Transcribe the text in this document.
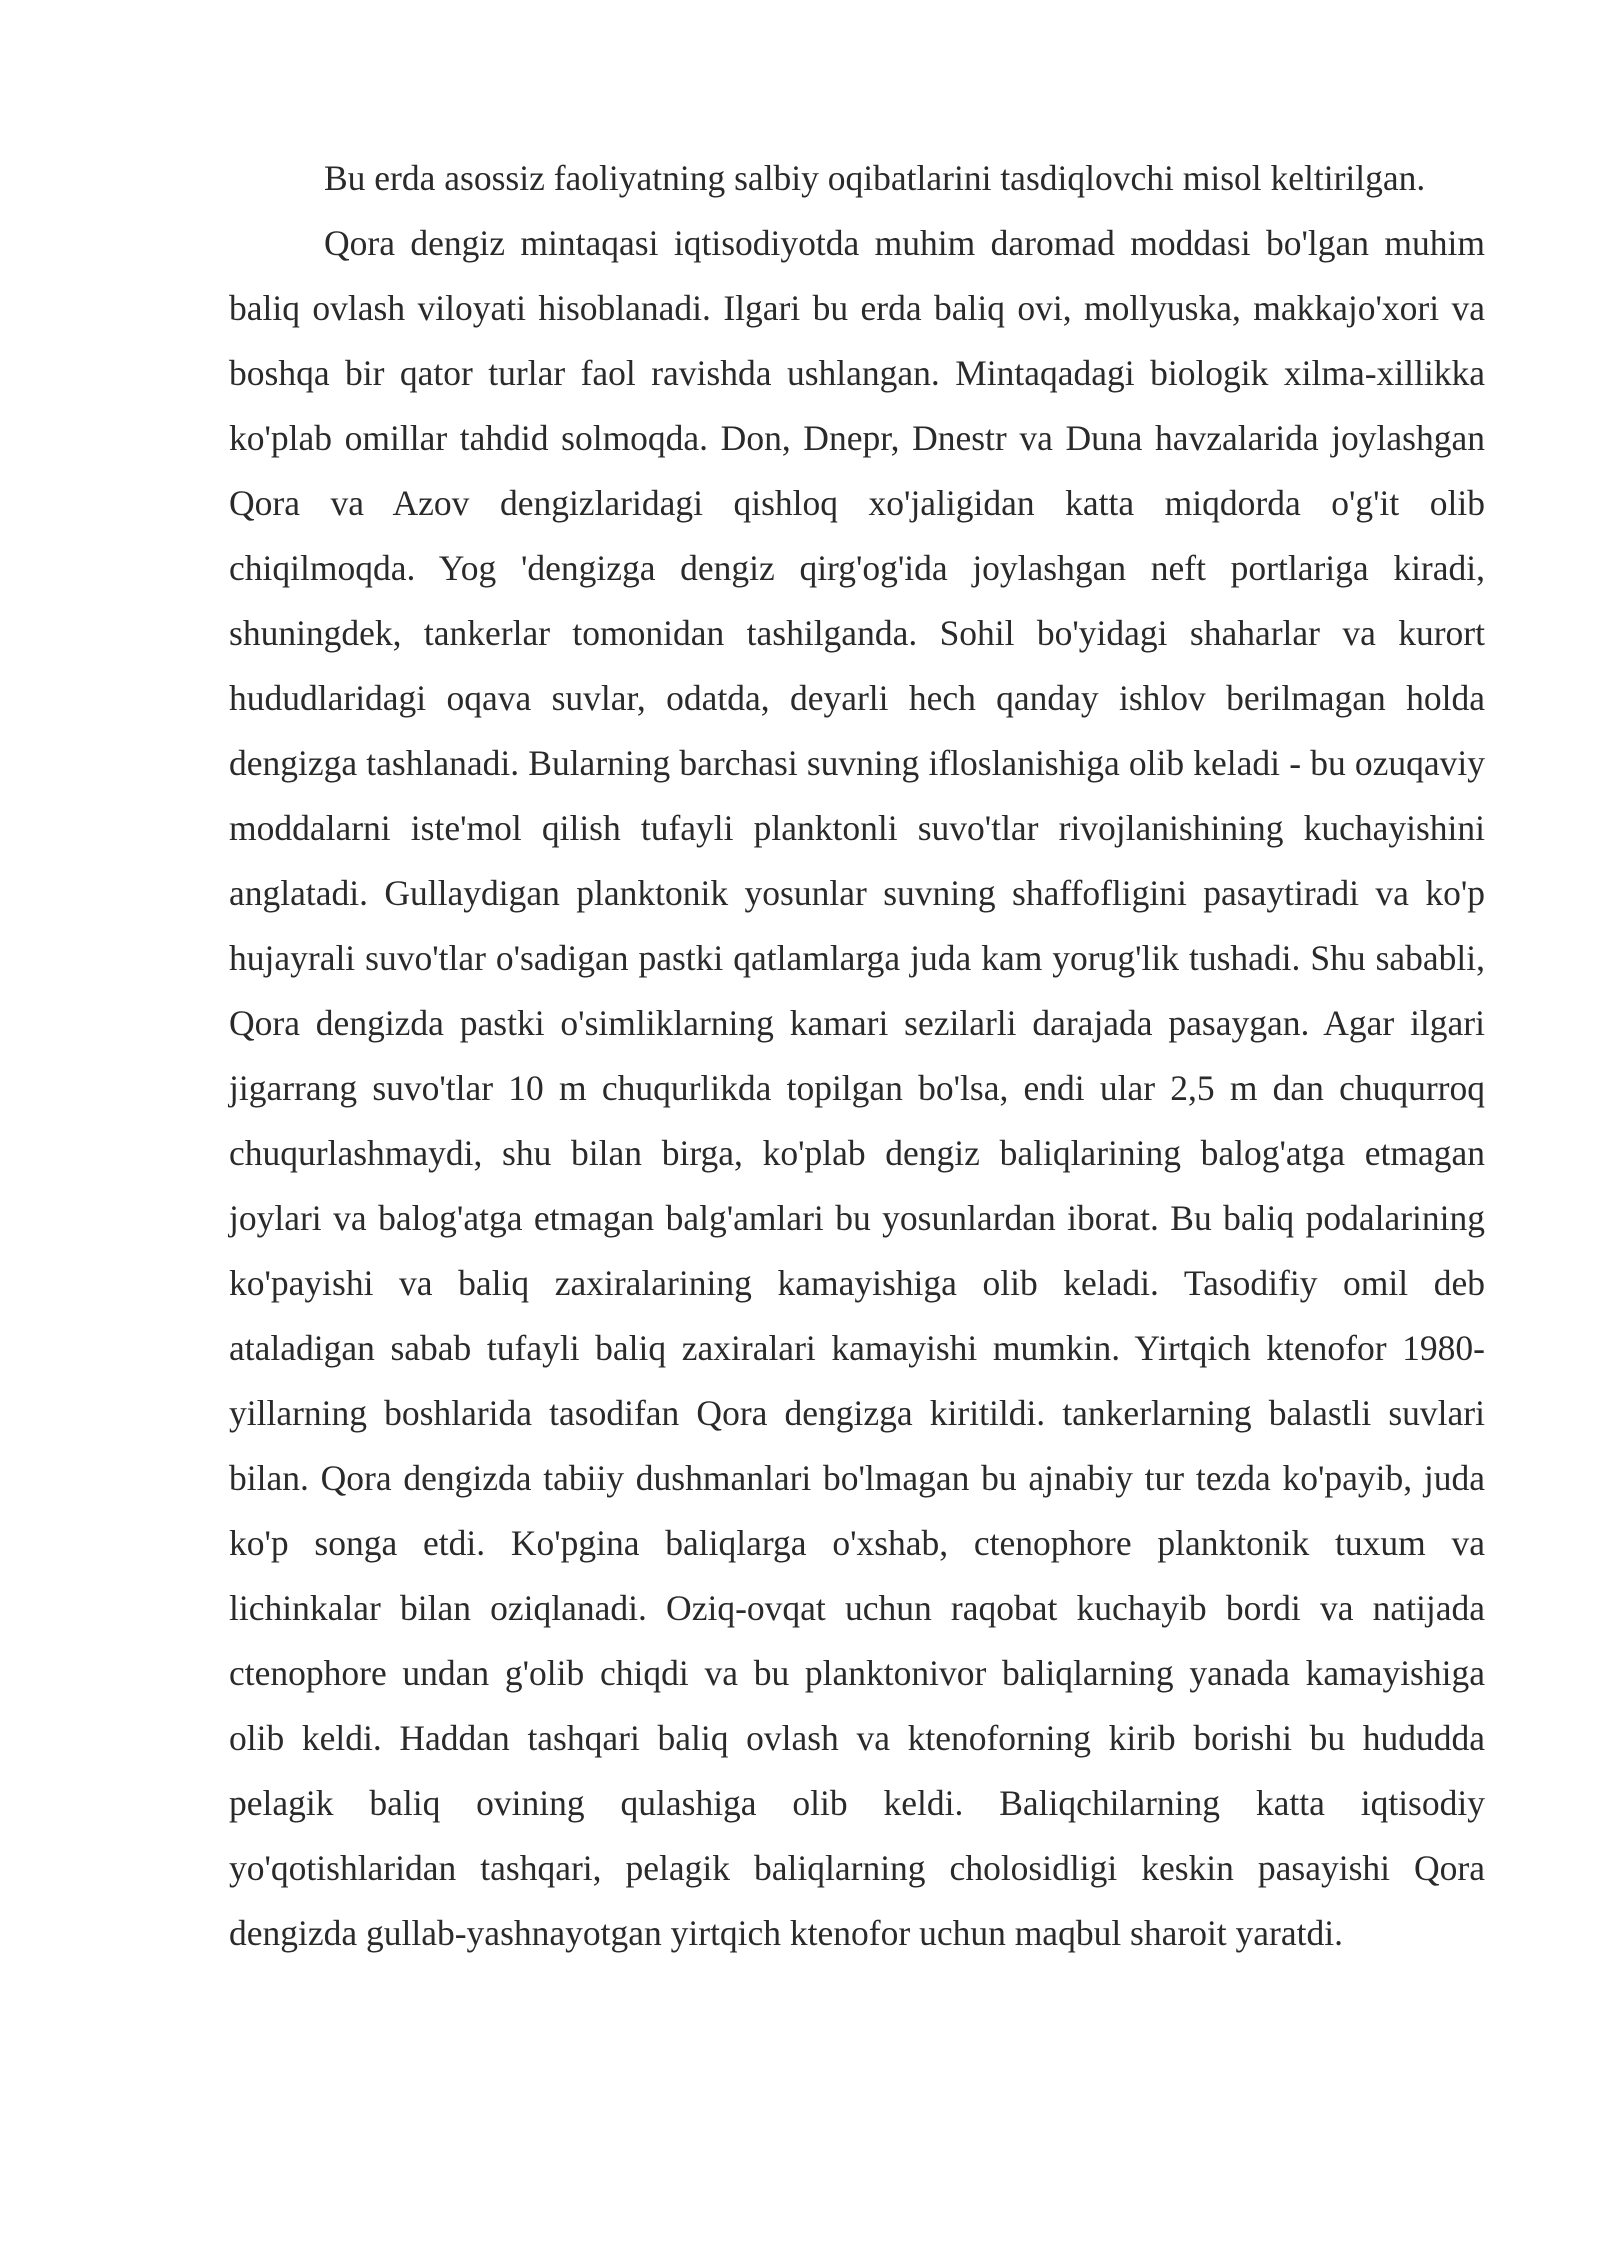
Bu erda asossiz faoliyatning salbiy oqibatlarini tasdiqlovchi misol keltirilgan.

Qora dengiz mintaqasi iqtisodiyotda muhim daromad moddasi bo'lgan muhim baliq ovlash viloyati hisoblanadi. Ilgari bu erda baliq ovi, mollyuska, makkajo'xori va boshqa bir qator turlar faol ravishda ushlangan. Mintaqadagi biologik xilma-xillikka ko'plab omillar tahdid solmoqda. Don, Dnepr, Dnestr va Duna havzalarida joylashgan Qora va Azov dengizlaridagi qishloq xo'jaligidan katta miqdorda o'g'it olib chiqilmoqda. Yog 'dengizga dengiz qirg'og'ida joylashgan neft portlariga kiradi, shuningdek, tankerlar tomonidan tashilganda. Sohil bo'yidagi shaharlar va kurort hududlaridagi oqava suvlar, odatda, deyarli hech qanday ishlov berilmagan holda dengizga tashlanadi. Bularning barchasi suvning ifloslanishiga olib keladi - bu ozuqaviy moddalarni iste'mol qilish tufayli planktonli suvo'tlar rivojlanishining kuchayishini anglatadi. Gullaydigan planktonik yosunlar suvning shaffofligini pasaytiradi va ko'p hujayrali suvo'tlar o'sadigan pastki qatlamlarga juda kam yorug'lik tushadi. Shu sababli, Qora dengizda pastki o'simliklarning kamari sezilarli darajada pasaygan. Agar ilgari jigarrang suvo'tlar 10 m chuqurlikda topilgan bo'lsa, endi ular 2,5 m dan chuqurroq chuqurlashmaydi, shu bilan birga, ko'plab dengiz baliqlarining balog'atga etmagan joylari va balog'atga etmagan balg'amlari bu yosunlardan iborat. Bu baliq podalarining ko'payishi va baliq zaxiralarining kamayishiga olib keladi. Tasodifiy omil deb ataladigan sabab tufayli baliq zaxiralari kamayishi mumkin. Yirtqich ktenofor 1980-yillarning boshlarida tasodifan Qora dengizga kiritildi. tankerlarning balastli suvlari bilan. Qora dengizda tabiiy dushmanlari bo'lmagan bu ajnabiy tur tezda ko'payib, juda ko'p songa etdi. Ko'pgina baliqlarga o'xshab, ctenophore planktonik tuxum va lichinkalar bilan oziqlanadi. Oziq-ovqat uchun raqobat kuchayib bordi va natijada ctenophore undan g'olib chiqdi va bu planktonivor baliqlarning yanada kamayishiga olib keldi. Haddan tashqari baliq ovlash va ktenoforning kirib borishi bu hududda pelagik baliq ovining qulashiga olib keldi. Baliqchilarning katta iqtisodiy yo'qotishlaridan tashqari, pelagik baliqlarning cholosidligi keskin pasayishi Qora dengizda gullab-yashnayotgan yirtqich ktenofor uchun maqbul sharoit yaratdi.
